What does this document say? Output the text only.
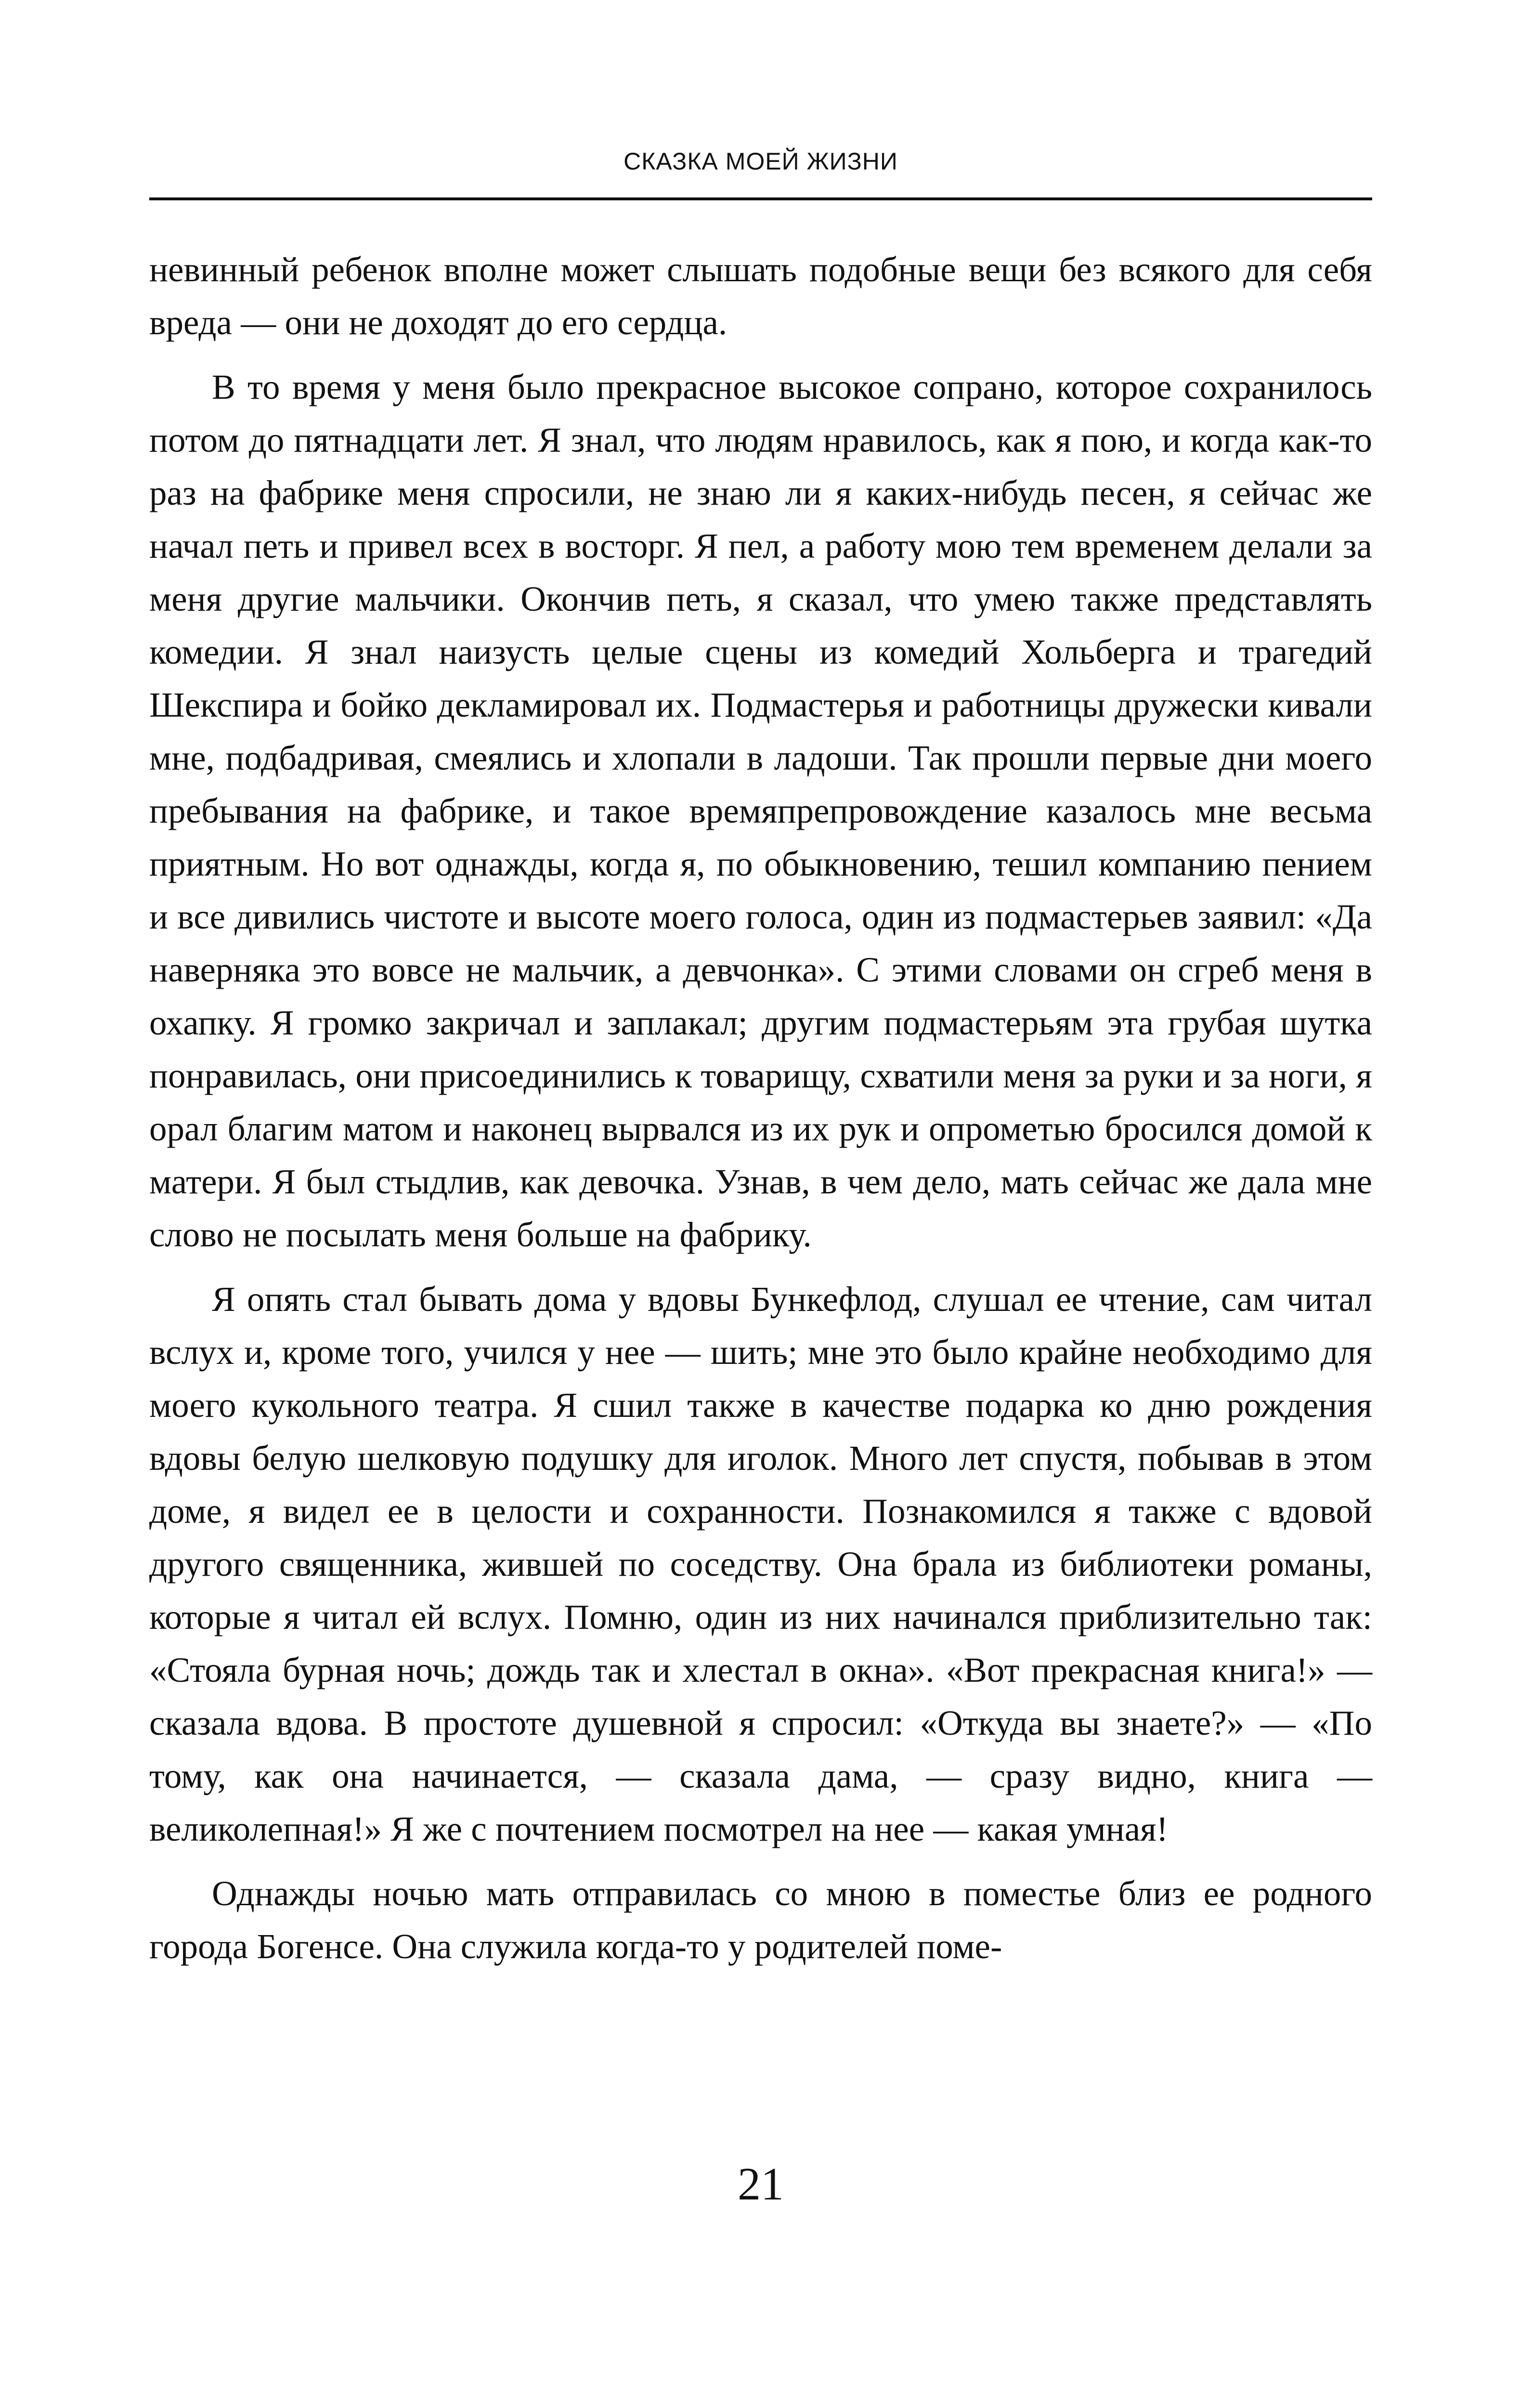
СКАЗКА МОЕЙ ЖИЗНИ

невинный ребенок вполне может слышать подобные вещи без всякого для себя вреда — они не доходят до его сердца.

В то время у меня было прекрасное высокое сопрано, которое сохранилось потом до пятнадцати лет. Я знал, что людям нравилось, как я пою, и когда как-то раз на фабрике меня спросили, не знаю ли я каких-нибудь песен, я сейчас же начал петь и привел всех в восторг. Я пел, а работу мою тем временем делали за меня другие мальчики. Окончив петь, я сказал, что умею также представлять комедии. Я знал наизусть целые сцены из комедий Хольберга и трагедий Шекспира и бойко декламировал их. Подмастерья и работницы дружески кивали мне, подбадривая, смеялись и хлопали в ладоши. Так прошли первые дни моего пребывания на фабрике, и такое времяпрепровождение казалось мне весьма приятным. Но вот однажды, когда я, по обыкновению, тешил компанию пением и все дивились чистоте и высоте моего голоса, один из подмастерьев заявил: «Да наверняка это вовсе не мальчик, а девчонка». С этими словами он сгреб меня в охапку. Я громко закричал и заплакал; другим подмастерьям эта грубая шутка понравилась, они присоединились к товарищу, схватили меня за руки и за ноги, я орал благим матом и наконец вырвался из их рук и опрометью бросился домой к матери. Я был стыдлив, как девочка. Узнав, в чем дело, мать сейчас же дала мне слово не посылать меня больше на фабрику.

Я опять стал бывать дома у вдовы Бункефлод, слушал ее чтение, сам читал вслух и, кроме того, учился у нее — шить; мне это было крайне необходимо для моего кукольного театра. Я сшил также в качестве подарка ко дню рождения вдовы белую шелковую подушку для иголок. Много лет спустя, побывав в этом доме, я видел ее в целости и сохранности. Познакомился я также с вдовой другого священника, жившей по соседству. Она брала из библиотеки романы, которые я читал ей вслух. Помню, один из них начинался приблизительно так: «Стояла бурная ночь; дождь так и хлестал в окна». «Вот прекрасная книга!» — сказала вдова. В простоте душевной я спросил: «Откуда вы знаете?» — «По тому, как она начинается, — сказала дама, — сразу видно, книга — великолепная!» Я же с почтением посмотрел на нее — какая умная!

Однажды ночью мать отправилась со мною в поместье близ ее родного города Богенсе. Она служила когда-то у родителей поме-

21
